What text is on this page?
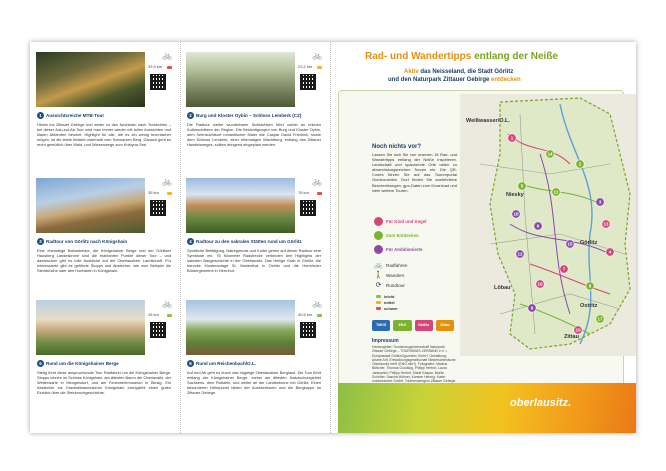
33,9 km
🚲
1 Aussichtsreiche MTB-Tour
Hinein ins Zittauer Gebirge und weiter zu den Nachbarn nach Tschechien – bei dieser Auf-und-Ab-Tour wird man immer wieder mit tollen Aussichten und klaren Abfahrten belohnt. Highlight für alle, die es ein wenig technischer mögen, ist die letzte Abfahrt unterhalb vom Schwarzen Berg. Danach geht es recht gemütlich über Wald- und Wiesenwege zum Kristyna-See.
23,2 km
🚲
2 Burg und Kloster Oybin – Schloss Lemberk (CZ)
Die Radtour weiter wunderbarer Sichtachsen führt vorbei an reichen Kulturschätzen der Region. Die Besichtigungen von Burg und Kloster Oybin, dem Sehnsuchtsort romantischer Maler wie Caspar David Friedrich, sowie dem Schloss Lemberk, einer ehemaligen Wachtburg, entlang des Zittauer Handelsweges, sollten dringend eingeplant werden.
35 km
🚲
3 Radtour von Görlitz nach Königshain
Eine ehemalige Bahnstrecke, die Königshainer Berge und der Görlitzer Hausberg Landeskrone sind die markanten Punkte dieser Tour – und dazwischen gibt es tolle Ausblicke auf die Oberlausitzer Landschaft. Für Interessierte gibt es geführte Stopps und Abstecher, wie zum Beispiel die Steinbrüche oder den Hochstein in Königshain.
76 km
🚲
4 Radtour zu den sakralen Stätten rund um Görlitz
Sportliche Betätigung, Naturgenuss und Kultur gehen auf dieser Radtour eine Symbiose ein. 76 Kilometer Radstrecke verbinden drei Highlights der sakralen Baugeschichte in der Oberlausitz: Das Heilige Grab in Görlitz, die barocke Klosteranlage St. Marienthal in Ostritz und die Herrnhuter Brüdergemeine in Herrnhut.
26 km
🚲
5 Rund um die Königshainer Berge
Stetig führt diese anspruchsvolle Tour Radfahrer um die Königshainer Berge. Stopps lohnen im Schloss Königshain, am ältesten Baum der Oberlausitz, der Wetterwarte in Mengelsdorf, und am Feuerwehrmuseum in Biesig. Ein Abstecher ins Granitabbaumuseum Königshain ermöglicht einen guten Einblick über die Steinbruchgeschichte.
40,5 km
🚲
6 Rund um Reichenbach/O.L.
Auf und Ab geht es durch das hügelige Oberlausitzer Bergland. Die Tour führt entlang der Königshainer Berge, vorbei am ältesten Naturschutzgebiet Sachsens, dem Rotstein, und weiter an der Landeskrone bei Görlitz. Einen besonderen Höhepunkt bilden der Aussichtsturm und die Bergkuppe im Zittauer Gebirge.
Rad- und Wandertipps entlang der Neiße
Aktiv das Neisseland, die Stadt Görlitz
und den Naturpark Zittauer Gebirge entdecken
Noch nichts vor?
Lassen Sie sich Sie von unseren 18 Rad- und Wandertipps entlang der Neiße inspirieren. Landschaft und spannende Orte laden zu abwechslungsreichen Touren ein. Die QR-Codes führen Sie auf das Tourenportal Outdooractive. Dort finden Sie ausführliche Beschreibungen, gpx-Daten zum Download und viele weitere Touren.
Für Kind und Kegel
Zum Entdecken
Für Ambitionierte
🚲 Radfahren
🚶 Wandern
⟳ Rundtour
leicht
mittel
schwer
TMGS	ENO	Görlitz	Zittau
Impressum
Herausgeber: Tourismusgemeinschaft Naturpark Zittauer Gebirge – TOURISMUS-VERBAND e.V. • Europastadt Görlitz/Zgorzelec GmbH. Gestaltung: Ariane Arlt, Entwicklungsgesellschaft Niederschlesische Oberlausitz mbH (ENO mbH). Fotografen: Markus Böttcher, Thomas Goodwig, Philipp Herfort, Laura Jankowski, Philipp Herfort, Marie Kaspar, Moritz Schröter, Sascha Hübner, Karsten Hennig. Karte: outdooractive GmbH, Tourismusregion Zittauer Gebirge.
1
2
3
4
5
6
7
8
9
10
11
12
13
14
15
16
17
18
Weißwasser/O.L.
Niesky
Görlitz
Zittau
Löbau
Ostritz
oberlausitz.
